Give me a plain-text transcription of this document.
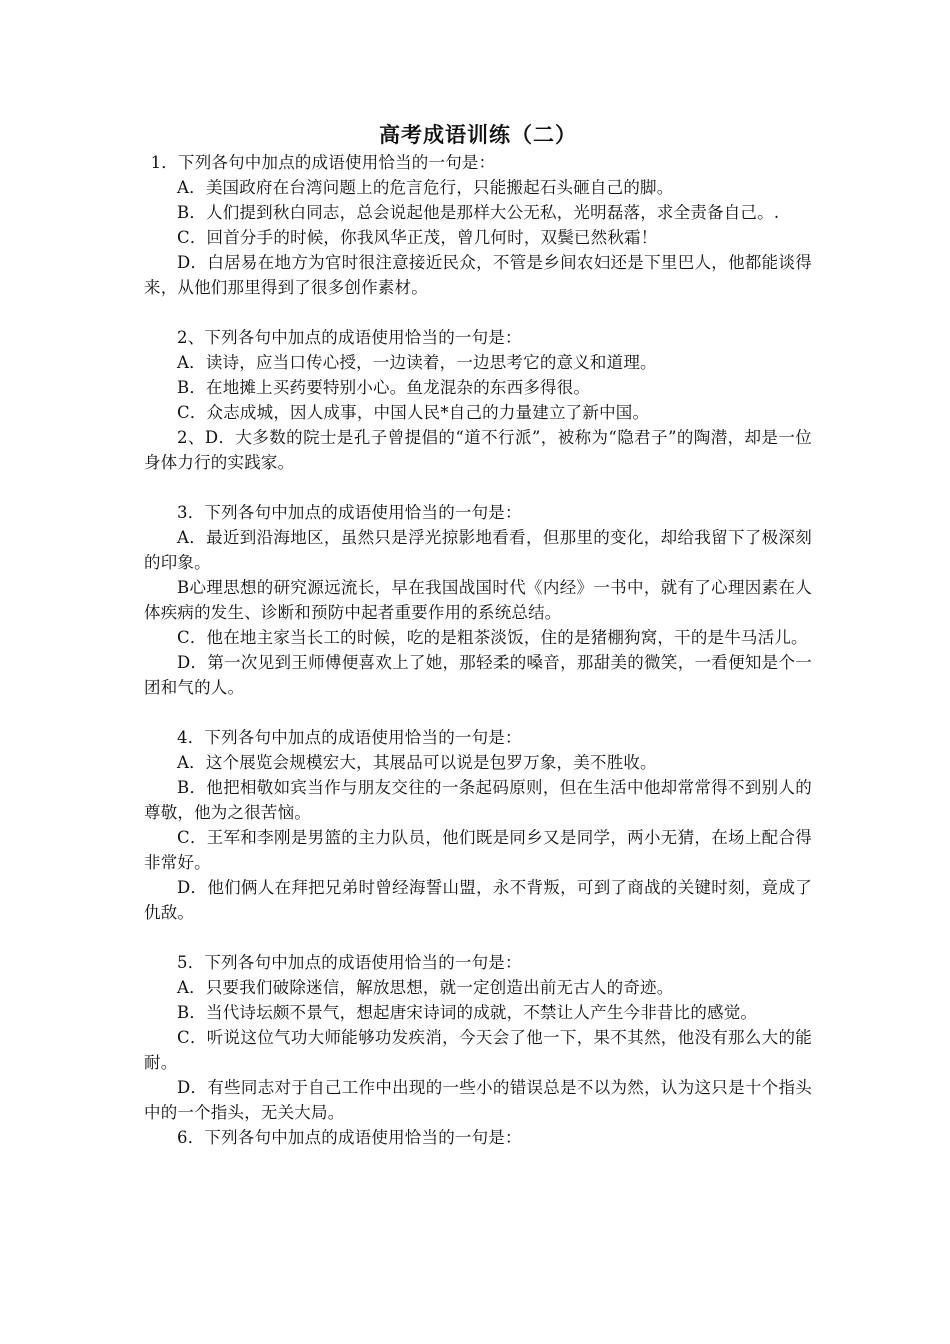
高考成语训练（二）

1．下列各句中加点的成语使用恰当的一句是：

A．美国政府在台湾问题上的危言危行，只能搬起石头砸自己的脚。

B．人们提到秋白同志，总会说起他是那样大公无私，光明磊落，求全责备自己。.

C．回首分手的时候，你我风华正茂，曾几何时，双鬓已然秋霜！

D．白居易在地方为官时很注意接近民众，不管是乡间农妇还是下里巴人，他都能谈得来，从他们那里得到了很多创作素材。

2、下列各句中加点的成语使用恰当的一句是：

A．读诗，应当口传心授，一边读着，一边思考它的意义和道理。

B．在地摊上买药要特别小心。鱼龙混杂的东西多得很。

C．众志成城，因人成事，中国人民*自己的力量建立了新中国。

2、D．大多数的院士是孔子曾提倡的“道不行派”，被称为“隐君子”的陶潜，却是一位身体力行的实践家。

3．下列各句中加点的成语使用恰当的一句是：

A．最近到沿海地区，虽然只是浮光掠影地看看，但那里的变化，却给我留下了极深刻的印象。

B心理思想的研究源远流长，早在我国战国时代《内经》一书中，就有了心理因素在人体疾病的发生、诊断和预防中起者重要作用的系统总结。

C．他在地主家当长工的时候，吃的是粗茶淡饭，住的是猪棚狗窝，干的是牛马活儿。

D．第一次见到王师傅便喜欢上了她，那轻柔的嗓音，那甜美的微笑，一看便知是个一团和气的人。

4．下列各句中加点的成语使用恰当的一句是：

A．这个展览会规模宏大，其展品可以说是包罗万象，美不胜收。

B．他把相敬如宾当作与朋友交往的一条起码原则，但在生活中他却常常得不到别人的尊敬，他为之很苦恼。

C．王军和李刚是男篮的主力队员，他们既是同乡又是同学，两小无猜，在场上配合得非常好。

D．他们俩人在拜把兄弟时曾经海誓山盟，永不背叛，可到了商战的关键时刻，竟成了仇敌。

5．下列各句中加点的成语使用恰当的一句是：

A．只要我们破除迷信，解放思想，就一定创造出前无古人的奇迹。

B．当代诗坛颇不景气，想起唐宋诗词的成就，不禁让人产生今非昔比的感觉。

C．听说这位气功大师能够功发疾消，今天会了他一下，果不其然，他没有那么大的能耐。

D．有些同志对于自己工作中出现的一些小的错误总是不以为然，认为这只是十个指头中的一个指头，无关大局。

6．下列各句中加点的成语使用恰当的一句是：
